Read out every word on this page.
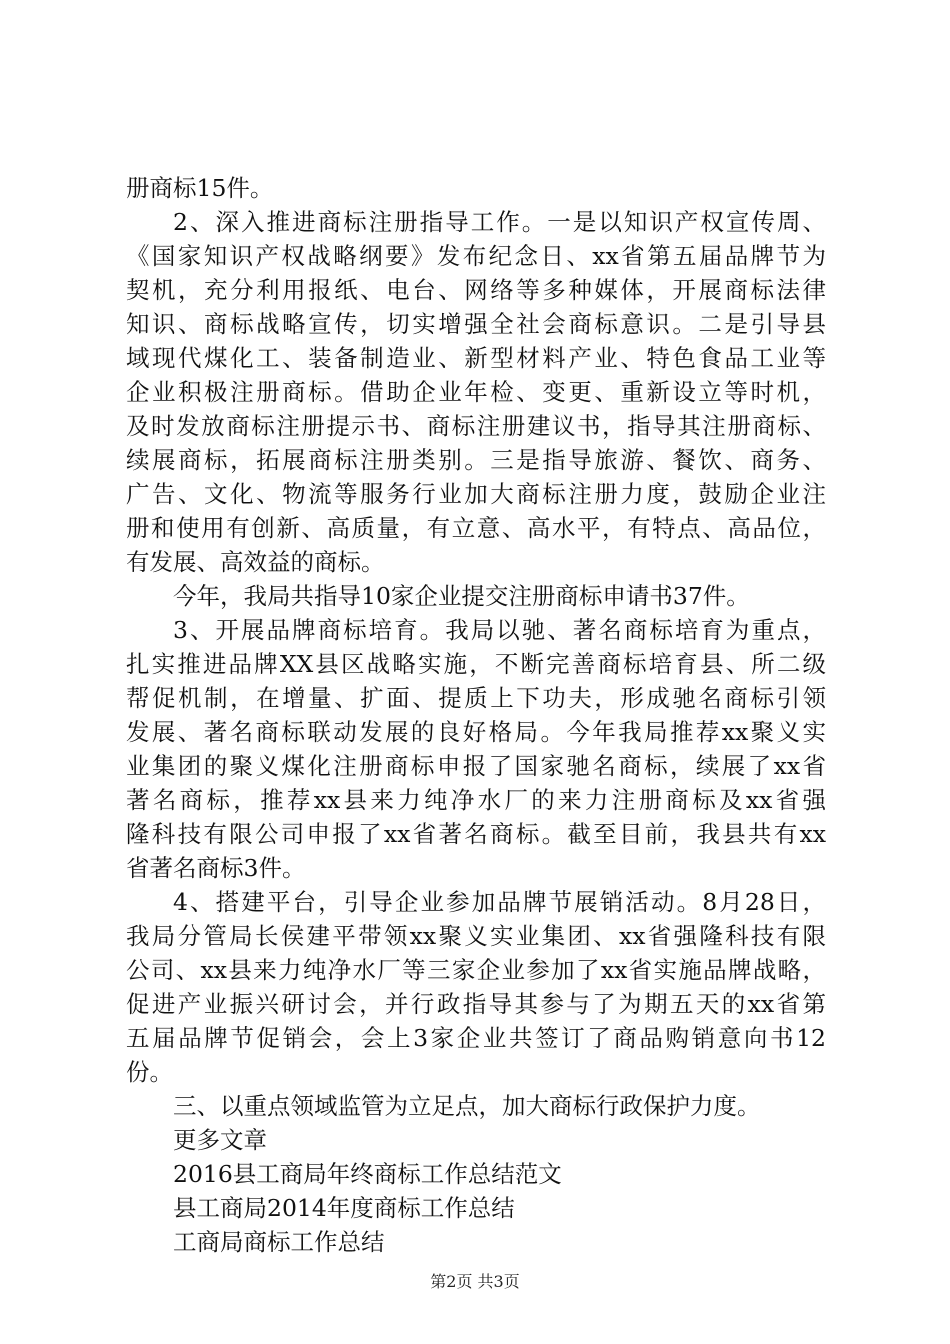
册商标15件。
2、深入推进商标注册指导工作。一是以知识产权宣传周、
《国家知识产权战略纲要》发布纪念日、xx省第五届品牌节为
契机，充分利用报纸、电台、网络等多种媒体，开展商标法律
知识、商标战略宣传，切实增强全社会商标意识。二是引导县
域现代煤化工、装备制造业、新型材料产业、特色食品工业等
企业积极注册商标。借助企业年检、变更、重新设立等时机，
及时发放商标注册提示书、商标注册建议书，指导其注册商标、
续展商标，拓展商标注册类别。三是指导旅游、餐饮、商务、
广告、文化、物流等服务行业加大商标注册力度，鼓励企业注
册和使用有创新、高质量，有立意、高水平，有特点、高品位，
有发展、高效益的商标。
今年，我局共指导10家企业提交注册商标申请书37件。
3、开展品牌商标培育。我局以驰、著名商标培育为重点，
扎实推进品牌XX县区战略实施，不断完善商标培育县、所二级
帮促机制，在增量、扩面、提质上下功夫，形成驰名商标引领
发展、著名商标联动发展的良好格局。今年我局推荐xx聚义实
业集团的聚义煤化注册商标申报了国家驰名商标，续展了xx省
著名商标，推荐xx县来力纯净水厂的来力注册商标及xx省强
隆科技有限公司申报了xx省著名商标。截至目前，我县共有xx
省著名商标3件。
4、搭建平台，引导企业参加品牌节展销活动。8月28日，
我局分管局长侯建平带领xx聚义实业集团、xx省强隆科技有限
公司、xx县来力纯净水厂等三家企业参加了xx省实施品牌战略，
促进产业振兴研讨会，并行政指导其参与了为期五天的xx省第
五届品牌节促销会，会上3家企业共签订了商品购销意向书12
份。
三、以重点领域监管为立足点，加大商标行政保护力度。
更多文章
2016县工商局年终商标工作总结范文
县工商局2014年度商标工作总结
工商局商标工作总结
第2页 共3页
